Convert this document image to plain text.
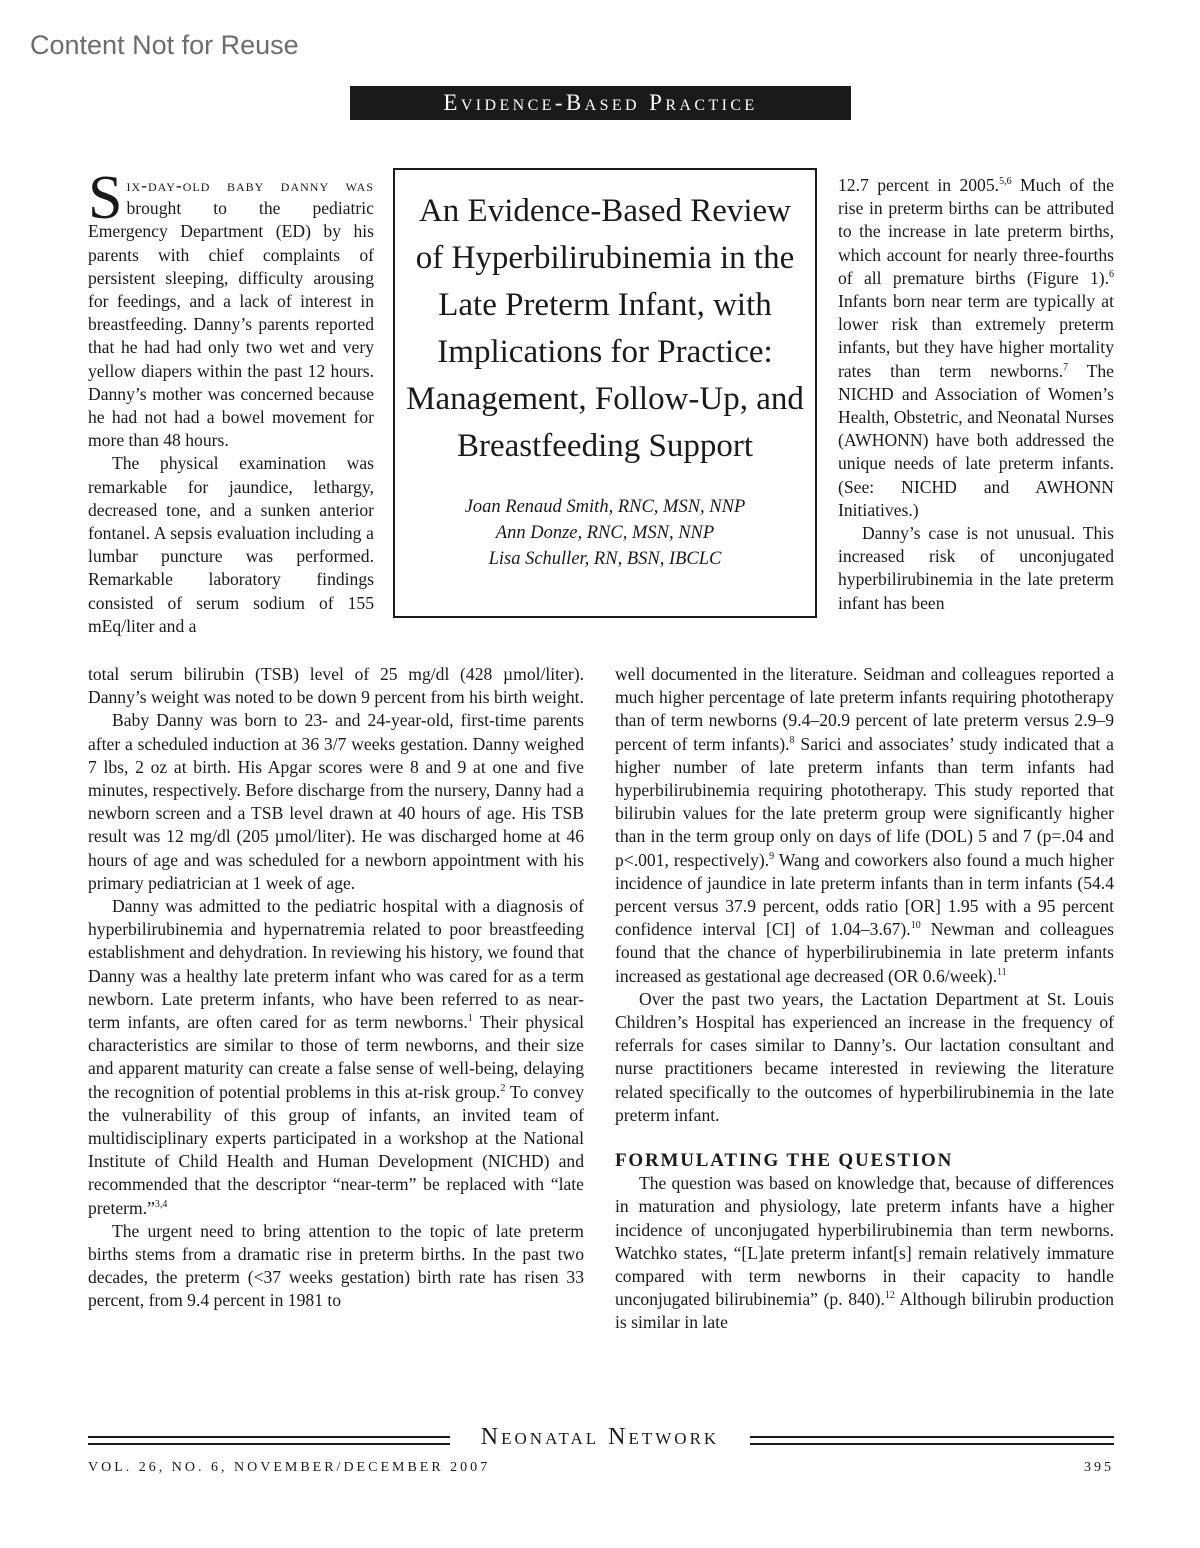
Content Not for Reuse
Evidence-Based Practice

Six-day-old baby danny was brought to the pediatric Emergency Department (ED) by his parents with chief complaints of persistent sleeping, difficulty arousing for feedings, and a lack of interest in breastfeeding. Danny’s parents reported that he had had only two wet and very yellow diapers within the past 12 hours. Danny’s mother was concerned because he had not had a bowel movement for more than 48 hours.

The physical examination was remarkable for jaundice, lethargy, decreased tone, and a sunken anterior fontanel. A sepsis evaluation including a lumbar puncture was performed. Remarkable laboratory findings consisted of serum sodium of 155 mEq/liter and a

An Evidence-Based Review of Hyperbilirubinemia in the Late Preterm Infant, with Implications for Practice: Management, Follow-Up, and Breastfeeding Support
Joan Renaud Smith, RNC, MSN, NNP
Ann Donze, RNC, MSN, NNP
Lisa Schuller, RN, BSN, IBCLC

total serum bilirubin (TSB) level of 25 mg/dl (428 µmol/liter). Danny’s weight was noted to be down 9 percent from his birth weight.

Baby Danny was born to 23- and 24-year-old, first-time parents after a scheduled induction at 36 3/7 weeks gestation. Danny weighed 7 lbs, 2 oz at birth. His Apgar scores were 8 and 9 at one and five minutes, respectively. Before discharge from the nursery, Danny had a newborn screen and a TSB level drawn at 40 hours of age. His TSB result was 12 mg/dl (205 µmol/liter). He was discharged home at 46 hours of age and was scheduled for a newborn appointment with his primary pediatrician at 1 week of age.

Danny was admitted to the pediatric hospital with a diagnosis of hyperbilirubinemia and hypernatremia related to poor breastfeeding establishment and dehydration. In reviewing his history, we found that Danny was a healthy late preterm infant who was cared for as a term newborn. Late preterm infants, who have been referred to as near-term infants, are often cared for as term newborns.$^1$ Their physical characteristics are similar to those of term newborns, and their size and apparent maturity can create a false sense of well-being, delaying the recognition of potential problems in this at-risk group.$^2$ To convey the vulnerability of this group of infants, an invited team of multidisciplinary experts participated in a workshop at the National Institute of Child Health and Human Development (NICHD) and recommended that the descriptor “near-term” be replaced with “late preterm.”$^{3,4}$

The urgent need to bring attention to the topic of late preterm births stems from a dramatic rise in preterm births. In the past two decades, the preterm (<37 weeks gestation) birth rate has risen 33 percent, from 9.4 percent in 1981 to

12.7 percent in 2005.$^{5,6}$ Much of the rise in preterm births can be attributed to the increase in late preterm births, which account for nearly three-fourths of all premature births (Figure 1).$^6$ Infants born near term are typically at lower risk than extremely preterm infants, but they have higher mortality rates than term newborns.$^7$ The NICHD and Association of Women’s Health, Obstetric, and Neonatal Nurses (AWHONN) have both addressed the unique needs of late preterm infants. (See: NICHD and AWHONN Initiatives.)

Danny’s case is not unusual. This increased risk of unconjugated hyperbilirubinemia in the late preterm infant has been

well documented in the literature. Seidman and colleagues reported a much higher percentage of late preterm infants requiring phototherapy than of term newborns (9.4–20.9 percent of late preterm versus 2.9–9 percent of term infants).$^8$ Sarici and associates’ study indicated that a higher number of late preterm infants than term infants had hyperbilirubinemia requiring phototherapy. This study reported that bilirubin values for the late preterm group were significantly higher than in the term group only on days of life (DOL) 5 and 7 (p=.04 and p<.001, respectively).$^9$ Wang and coworkers also found a much higher incidence of jaundice in late preterm infants than in term infants (54.4 percent versus 37.9 percent, odds ratio [OR] 1.95 with a 95 percent confidence interval [CI] of 1.04–3.67).$^{10}$ Newman and colleagues found that the chance of hyperbilirubinemia in late preterm infants increased as gestational age decreased (OR 0.6/week).$^{11}$

Over the past two years, the Lactation Department at St. Louis Children’s Hospital has experienced an increase in the frequency of referrals for cases similar to Danny’s. Our lactation consultant and nurse practitioners became interested in reviewing the literature related specifically to the outcomes of hyperbilirubinemia in the late preterm infant.

FORMULATING THE QUESTION

The question was based on knowledge that, because of differences in maturation and physiology, late preterm infants have a higher incidence of unconjugated hyperbilirubinemia than term newborns. Watchko states, “[L]ate preterm infant[s] remain relatively immature compared with term newborns in their capacity to handle unconjugated bilirubinemia” (p. 840).$^{12}$ Although bilirubin production is similar in late

Neonatal Network
VOL. 26, NO. 6, NOVEMBER/DECEMBER 2007	395
